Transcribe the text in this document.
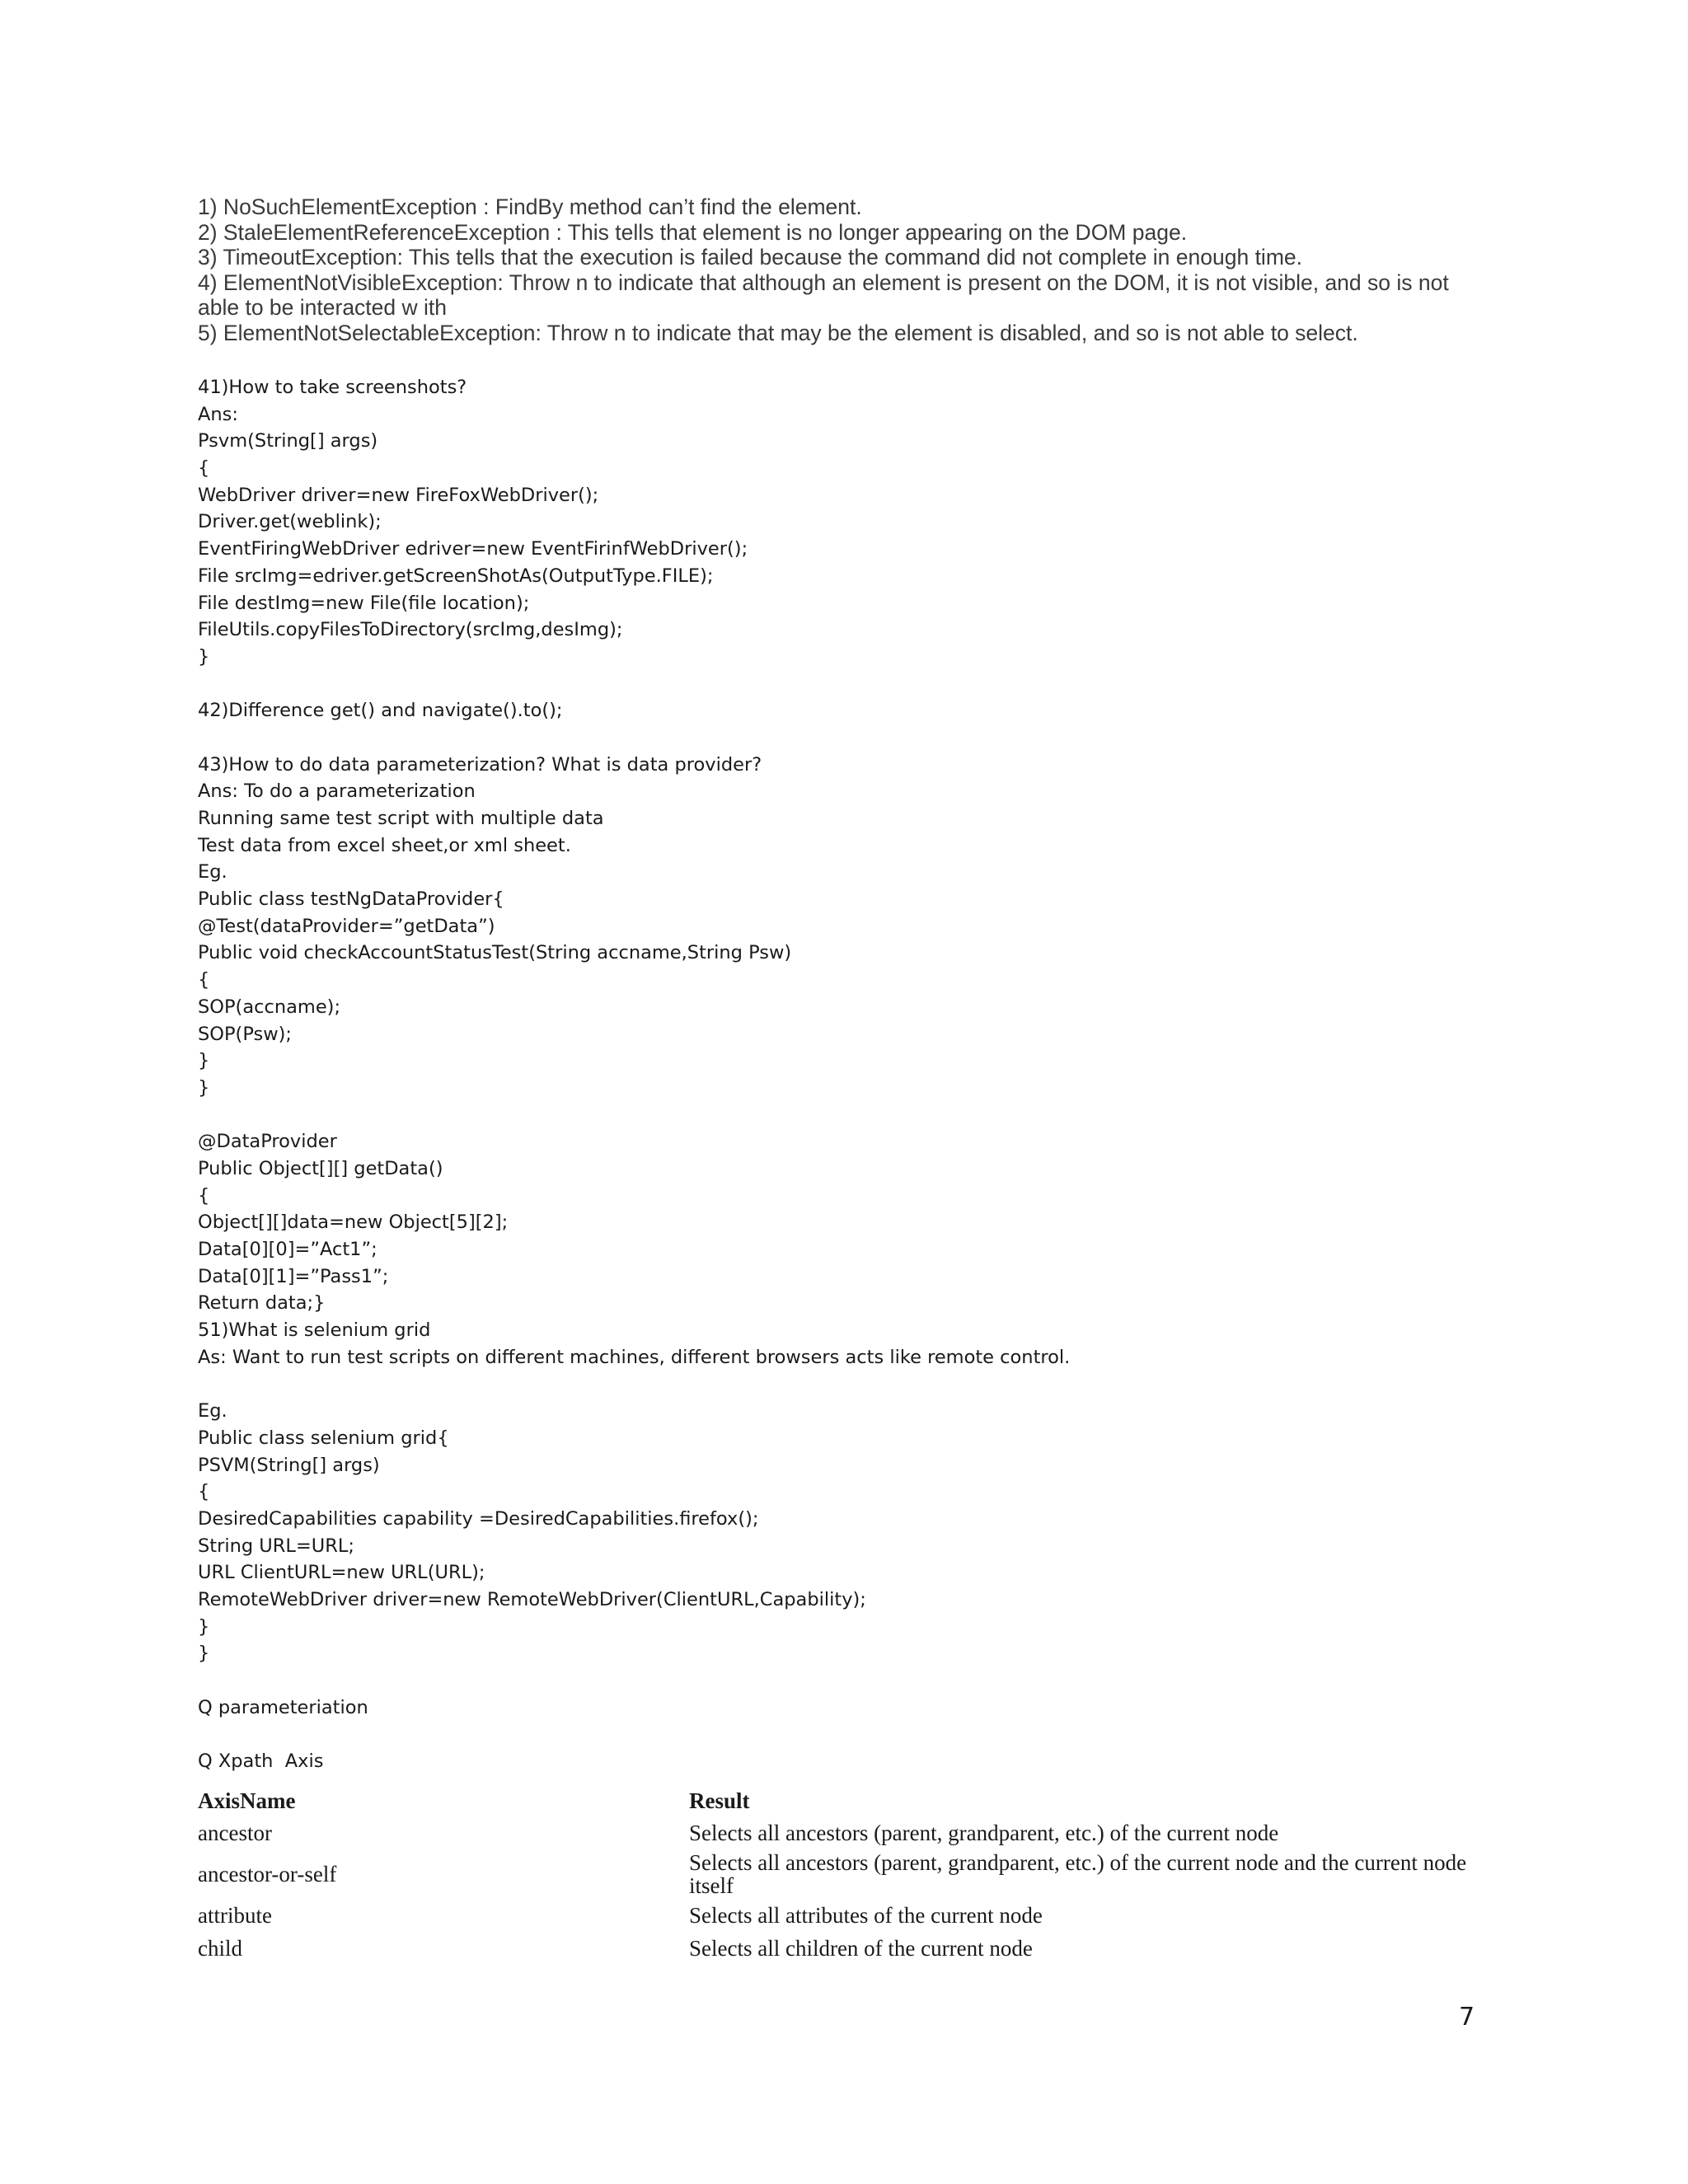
1) NoSuchElementException : FindBy method can’t find the element.
2) StaleElementReferenceException : This tells that element is no longer appearing on the DOM page.
3) TimeoutException: This tells that the execution is failed because the command did not complete in enough time.
4) ElementNotVisibleException: Throw n to indicate that although an element is present on the DOM, it is not visible, and so is not able to be interacted w ith
5) ElementNotSelectableException: Throw n to indicate that may be the element is disabled, and so is not able to select.
41)How to take screenshots?
Ans:
Psvm(String[] args)
{
WebDriver driver=new FireFoxWebDriver();
Driver.get(weblink);
EventFiringWebDriver edriver=new EventFirinfWebDriver();
File srcImg=edriver.getScreenShotAs(OutputType.FILE);
File destImg=new File(file location);
FileUtils.copyFilesToDirectory(srcImg,desImg);
}
42)Difference get() and navigate().to();
43)How to do data parameterization? What is data provider?
Ans: To do a parameterization
Running same test script with multiple data
Test data from excel sheet,or xml sheet.
Eg.
Public class testNgDataProvider{
@Test(dataProvider=”getData”)
Public void checkAccountStatusTest(String accname,String Psw)
{
SOP(accname);
SOP(Psw);
}
}
@DataProvider
Public Object[][] getData()
{
Object[][]data=new Object[5][2];
Data[0][0]=”Act1”;
Data[0][1]=”Pass1”;
Return data;}
51)What is selenium grid
As: Want to run test scripts on different machines, different browsers acts like remote control.
Eg.
Public class selenium grid{
PSVM(String[] args)
{
DesiredCapabilities capability =DesiredCapabilities.firefox();
String URL=URL;
URL ClientURL=new URL(URL);
RemoteWebDriver driver=new RemoteWebDriver(ClientURL,Capability);
}
}
Q parameteriation
Q Xpath  Axis
AxisName	Result
ancestor	Selects all ancestors (parent, grandparent, etc.) of the current node
ancestor-or-self	Selects all ancestors (parent, grandparent, etc.) of the current node and the current node itself
attribute	Selects all attributes of the current node
child	Selects all children of the current node
7
